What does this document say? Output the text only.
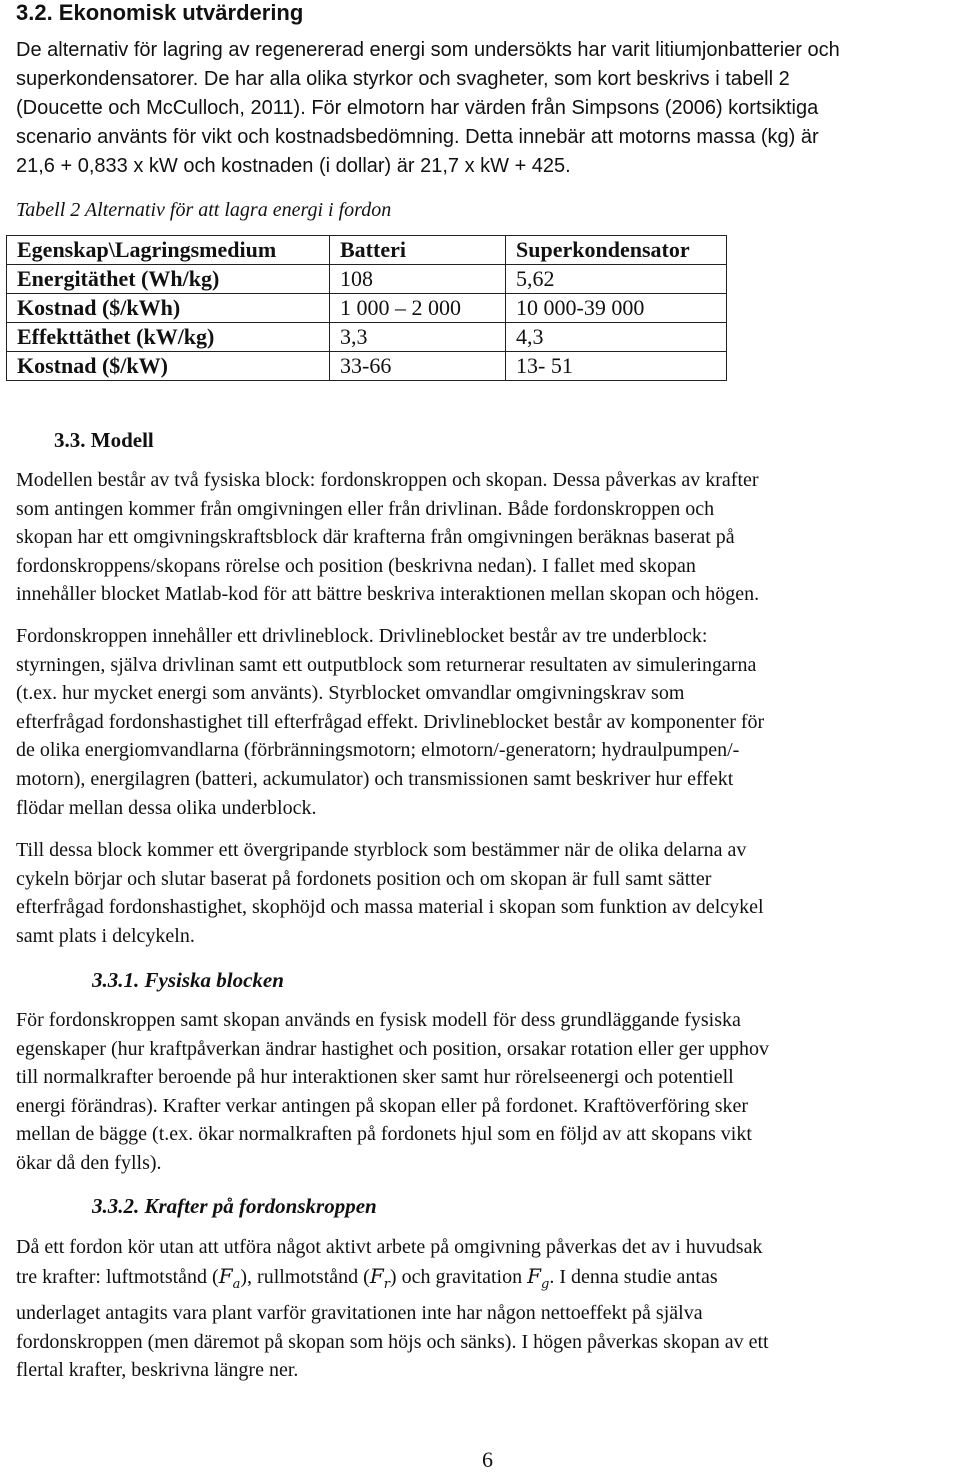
3.2. Ekonomisk utvärdering
De alternativ för lagring av regenererad energi som undersökts har varit litiumjonbatterier och
superkondensatorer. De har alla olika styrkor och svagheter, som kort beskrivs i tabell 2
(Doucette och McCulloch, 2011). För elmotorn har värden från Simpsons (2006) kortsiktiga
scenario använts för vikt och kostnadsbedömning. Detta innebär att motorns massa (kg) är
21,6 + 0,833 x kW och kostnaden (i dollar) är 21,7 x kW + 425.
Tabell 2 Alternativ för att lagra energi i fordon
Egenskap\Lagringsmedium	Batteri	Superkondensator
Energitäthet (Wh/kg)	108	5,62
Kostnad ($/kWh)	1 000 – 2 000	10 000-39 000
Effekttäthet (kW/kg)	3,3	4,3
Kostnad ($/kW)	33-66	13- 51
3.3. Modell
Modellen består av två fysiska block: fordonskroppen och skopan. Dessa påverkas av krafter
som antingen kommer från omgivningen eller från drivlinan. Både fordonskroppen och
skopan har ett omgivningskraftsblock där krafterna från omgivningen beräknas baserat på
fordonskroppens/skopans rörelse och position (beskrivna nedan). I fallet med skopan
innehåller blocket Matlab-kod för att bättre beskriva interaktionen mellan skopan och högen.
Fordonskroppen innehåller ett drivlineblock. Drivlineblocket består av tre underblock:
styrningen, själva drivlinan samt ett outputblock som returnerar resultaten av simuleringarna
(t.ex. hur mycket energi som använts). Styrblocket omvandlar omgivningskrav som
efterfrågad fordonshastighet till efterfrågad effekt. Drivlineblocket består av komponenter för
de olika energiomvandlarna (förbränningsmotorn; elmotorn/-generatorn; hydraulpumpen/-
motorn), energilagren (batteri, ackumulator) och transmissionen samt beskriver hur effekt
flödar mellan dessa olika underblock.
Till dessa block kommer ett övergripande styrblock som bestämmer när de olika delarna av
cykeln börjar och slutar baserat på fordonets position och om skopan är full samt sätter
efterfrågad fordonshastighet, skophöjd och massa material i skopan som funktion av delcykel
samt plats i delcykeln.
3.3.1. Fysiska blocken
För fordonskroppen samt skopan används en fysisk modell för dess grundläggande fysiska
egenskaper (hur kraftpåverkan ändrar hastighet och position, orsakar rotation eller ger upphov
till normalkrafter beroende på hur interaktionen sker samt hur rörelseenergi och potentiell
energi förändras). Krafter verkar antingen på skopan eller på fordonet. Kraftöverföring sker
mellan de bägge (t.ex. ökar normalkraften på fordonets hjul som en följd av att skopans vikt
ökar då den fylls).
3.3.2. Krafter på fordonskroppen
Då ett fordon kör utan att utföra något aktivt arbete på omgivning påverkas det av i huvudsak
tre krafter: luftmotstånd $(F_a)$, rullmotstånd $(F_r)$ och gravitation $F_g$. I denna studie antas
underlaget antagits vara plant varför gravitationen inte har någon nettoeffekt på själva
fordonskroppen (men däremot på skopan som höjs och sänks). I högen påverkas skopan av ett
flertal krafter, beskrivna längre ner.
6
